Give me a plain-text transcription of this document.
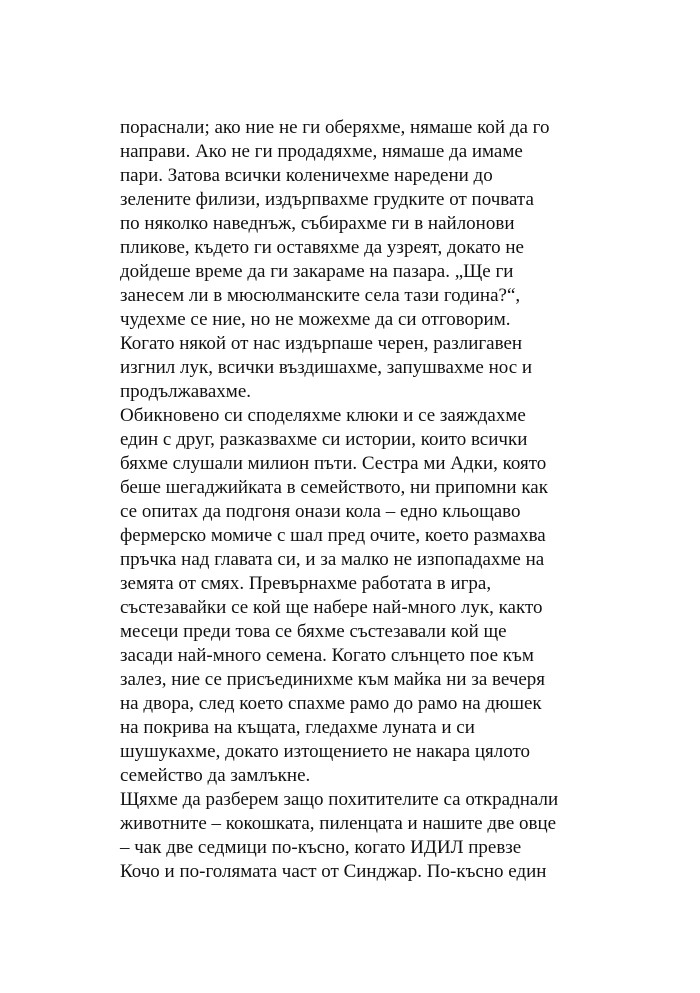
пораснали; ако ние не ги оберяхме, нямаше кой да го
направи. Ако не ги продадяхме, нямаше да имаме
пари. Затова всички коленичехме наредени до
зелените филизи, издърпвахме грудките от почвата
по няколко наведнъж, събирахме ги в найлонови
пликове, където ги оставяхме да узреят, докато не
дойдеше време да ги закараме на пазара. „Ще ги
занесем ли в мюсюлманските села тази година?“,
чудехме се ние, но не можехме да си отговорим.
Когато някой от нас издърпаше черен, разлигавен
изгнил лук, всички въздишахме, запушвахме нос и
продължавахме.
Обикновено си споделяхме клюки и се заяждахме
един с друг, разказвахме си истории, които всички
бяхме слушали милион пъти. Сестра ми Адки, която
беше шегаджийката в семейството, ни припомни как
се опитах да подгоня онази кола – едно кльощаво
фермерско момиче с шал пред очите, което размахва
пръчка над главата си, и за малко не изпопадахме на
земята от смях. Превърнахме работата в игра,
състезавайки се кой ще набере най-много лук, както
месеци преди това се бяхме състезавали кой ще
засади най-много семена. Когато слънцето пое към
залез, ние се присъединихме към майка ни за вечеря
на двора, след което спахме рамо до рамо на дюшек
на покрива на къщата, гледахме луната и си
шушукахме, докато изтощението не накара цялото
семейство да замлъкне.
Щяхме да разберем защо похитителите са откраднали
животните – кокошката, пиленцата и нашите две овце
– чак две седмици по-късно, когато ИДИЛ превзе
Кочо и по-голямата част от Синджар. По-късно един
